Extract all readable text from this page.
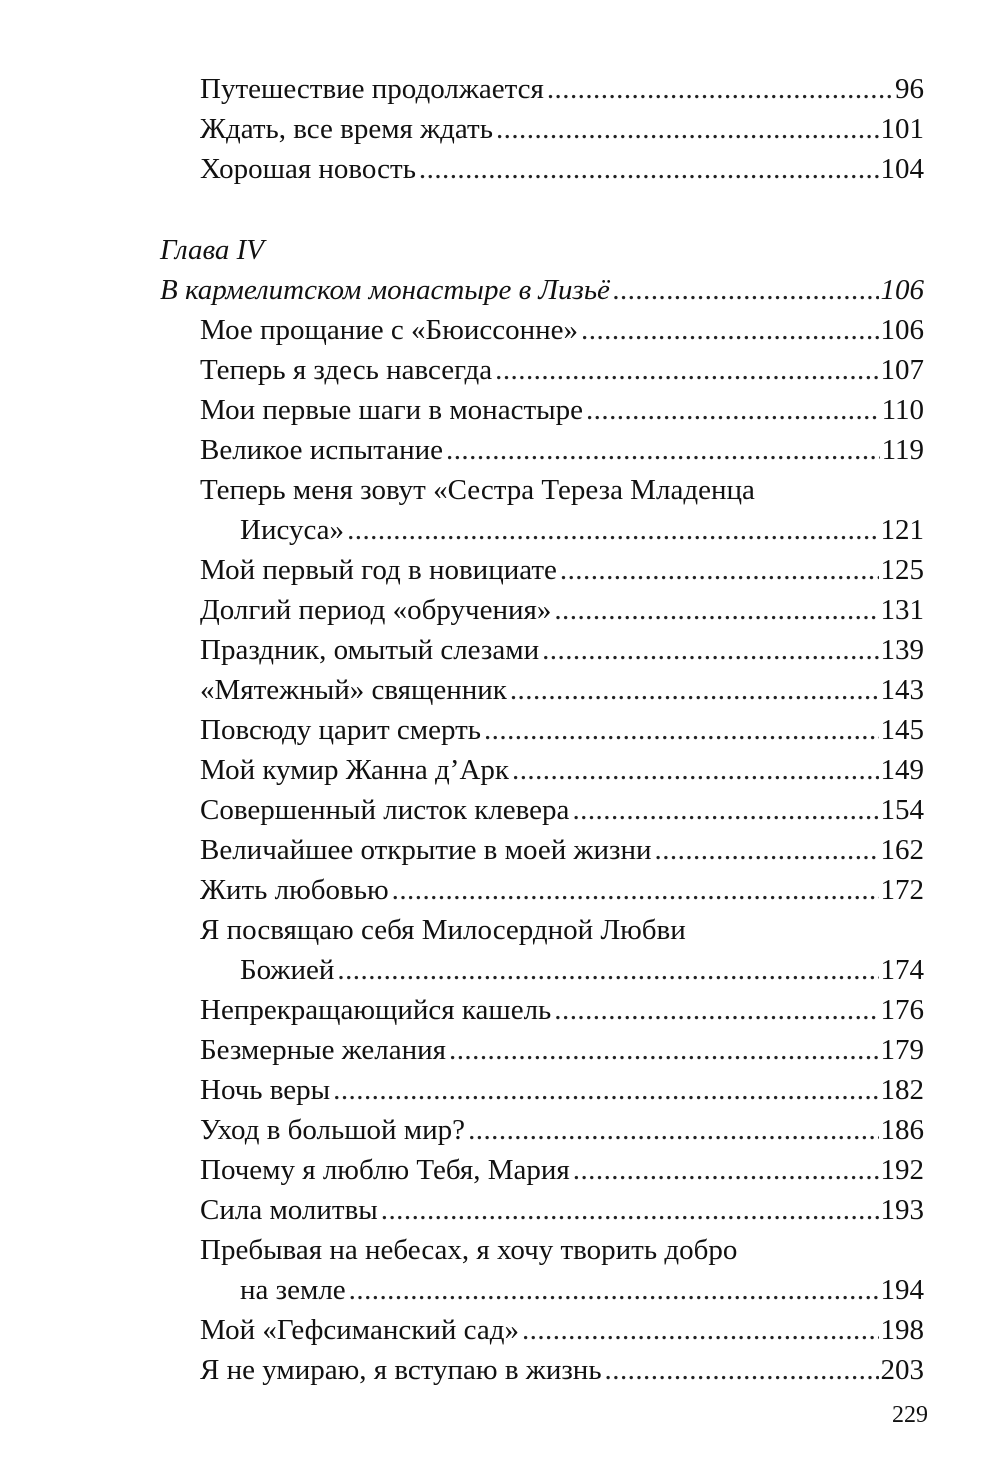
Путешествие продолжается . . .	96
Ждать, все время ждать . . .	101
Хорошая новость . . .	104
Глава IV
В кармелитском монастыре в Лизьё . . .	106
Мое прощание с «Бюиссонне» . . .	106
Теперь я здесь навсегда . . .	107
Мои первые шаги в монастыре . . .	110
Великое испытание . . .	119
Теперь меня зовут «Сестра Тереза Младенца
Иисуса» . . .	121
Мой первый год в новициате . . .	125
Долгий период «обручения» . . .	131
Праздник, омытый слезами . . .	139
«Мятежный» священник . . .	143
Повсюду царит смерть . . .	145
Мой кумир Жанна д’Арк . . .	149
Совершенный листок клевера . . .	154
Величайшее открытие в моей жизни . . .	162
Жить любовью . . .	172
Я посвящаю себя Милосердной Любви
Божией . . .	174
Непрекращающийся кашель . . .	176
Безмерные желания . . .	179
Ночь веры . . .	182
Уход в большой мир? . . .	186
Почему я люблю Тебя, Мария . . .	192
Сила молитвы . . .	193
Пребывая на небесах, я хочу творить добро
на земле . . .	194
Мой «Гефсиманский сад» . . .	198
Я не умираю, я вступаю в жизнь . . .	203
229
